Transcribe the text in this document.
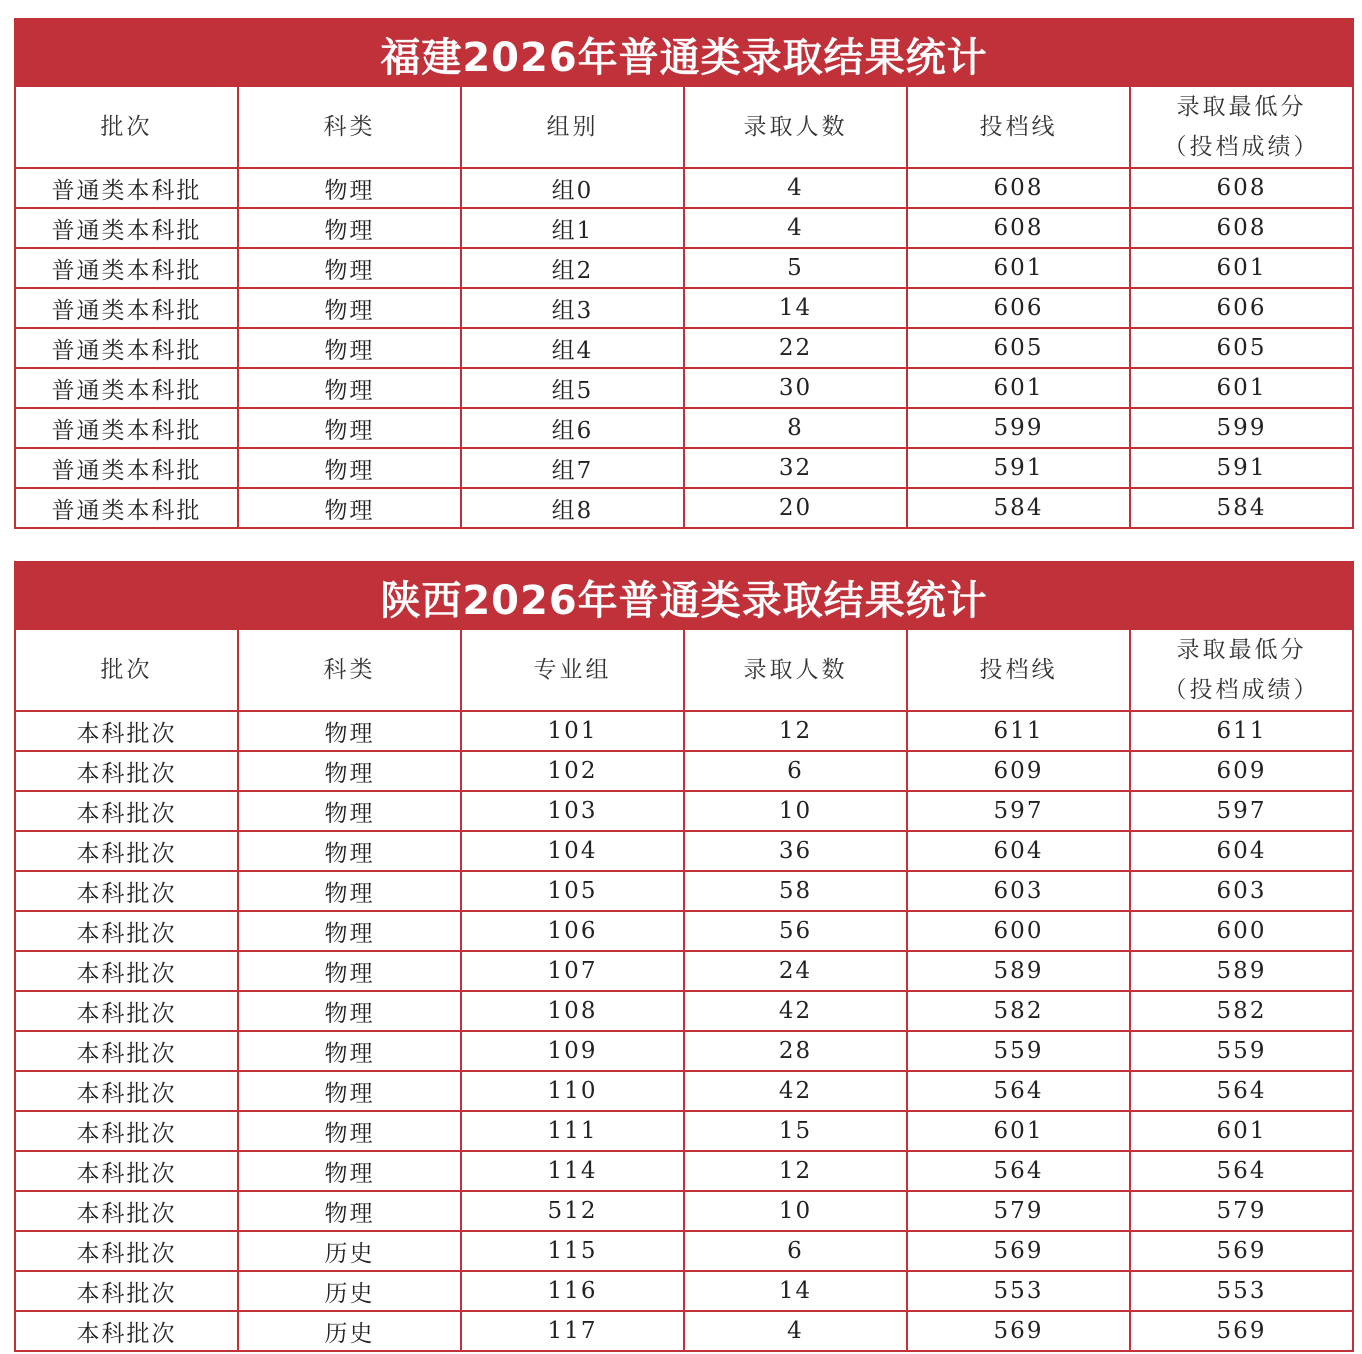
福建2026年普通类录取结果统计
批次	科类	组别	录取人数	投档线	录取最低分
（投档成绩）

普通类本科批	物理	组0	4	608	608
普通类本科批	物理	组1	4	608	608
普通类本科批	物理	组2	5	601	601
普通类本科批	物理	组3	14	606	606
普通类本科批	物理	组4	22	605	605
普通类本科批	物理	组5	30	601	601
普通类本科批	物理	组6	8	599	599
普通类本科批	物理	组7	32	591	591
普通类本科批	物理	组8	20	584	584
陕西2026年普通类录取结果统计
批次	科类	专业组	录取人数	投档线	录取最低分
（投档成绩）

本科批次	物理	101	12	611	611
本科批次	物理	102	6	609	609
本科批次	物理	103	10	597	597
本科批次	物理	104	36	604	604
本科批次	物理	105	58	603	603
本科批次	物理	106	56	600	600
本科批次	物理	107	24	589	589
本科批次	物理	108	42	582	582
本科批次	物理	109	28	559	559
本科批次	物理	110	42	564	564
本科批次	物理	111	15	601	601
本科批次	物理	114	12	564	564
本科批次	物理	512	10	579	579
本科批次	历史	115	6	569	569
本科批次	历史	116	14	553	553
本科批次	历史	117	4	569	569
